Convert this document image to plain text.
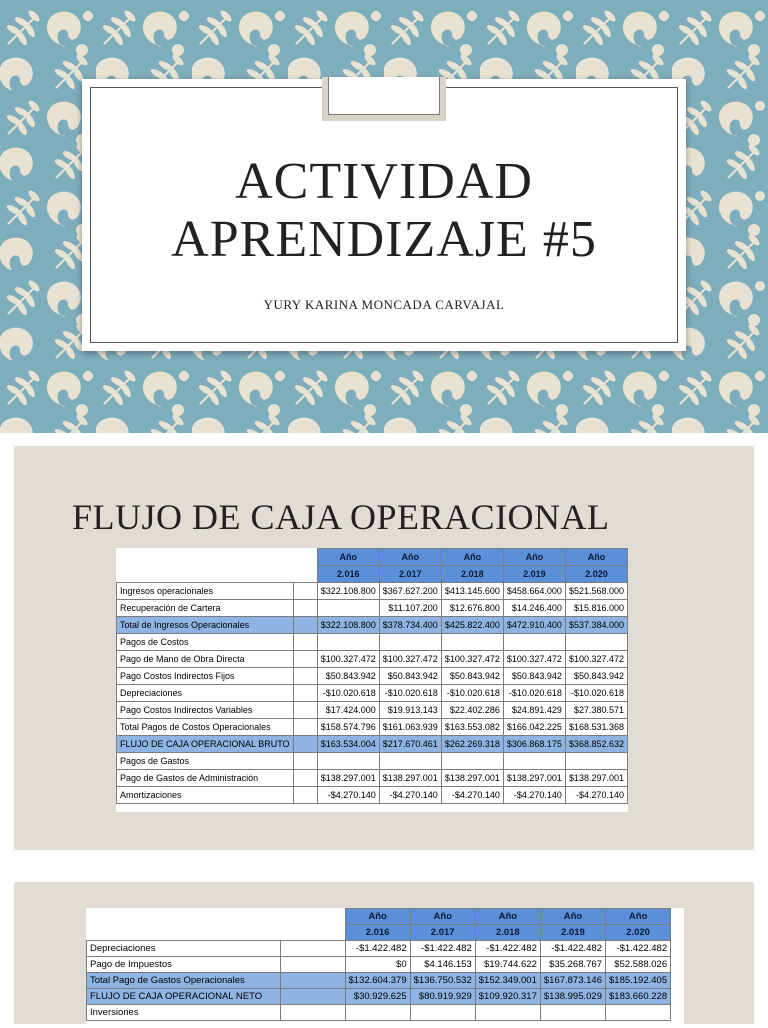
ACTIVIDAD
APRENDIZAJE #5
YURY KARINA MONCADA CARVAJAL
FLUJO DE CAJA OPERACIONAL
		Año	Año	Año	Año	Año
		2.016	2.017	2.018	2.019	2.020
Ingresos operacionales		$322.108.800	$367.627.200	$413.145.600	$458.664.000	$521.568.000
Recuperación de Cartera			$11.107.200	$12.676.800	$14.246.400	$15.816.000
Total de Ingresos Operacionales		$322.108.800	$378.734.400	$425.822.400	$472.910.400	$537.384.000
Pagos de Costos						
Pago de Mano de Obra Directa		$100.327.472	$100.327.472	$100.327.472	$100.327.472	$100.327.472
Pago Costos Indirectos Fijos		$50.843.942	$50.843.942	$50.843.942	$50.843.942	$50.843.942
Depreciaciones		-$10.020.618	-$10.020.618	-$10.020.618	-$10.020.618	-$10.020.618
Pago Costos Indirectos Variables		$17.424.000	$19.913.143	$22.402.286	$24.891.429	$27.380.571
Total Pagos de Costos Operacionales		$158.574.796	$161.063.939	$163.553.082	$166.042.225	$168.531.368
FLUJO DE CAJA OPERACIONAL BRUTO		$163.534.004	$217.670.461	$262.269.318	$306.868.175	$368.852.632
Pagos de Gastos						
Pago de Gastos de Administración		$138.297.001	$138.297.001	$138.297.001	$138.297.001	$138.297.001
Amortizaciones		-$4.270.140	-$4.270.140	-$4.270.140	-$4.270.140	-$4.270.140
		Año	Año	Año	Año	Año
		2.016	2.017	2.018	2.019	2.020
Depreciaciones		-$1.422.482	-$1.422.482	-$1.422.482	-$1.422.482	-$1.422.482
Pago de Impuestos		$0	$4.146.153	$19.744.622	$35.268.767	$52.588.026
Total Pago de Gastos Operacionales		$132.604.379	$136.750.532	$152.349.001	$167.873.146	$185.192.405
FLUJO DE CAJA OPERACIONAL NETO		$30.929.625	$80.919.929	$109.920.317	$138.995.029	$183.660.228
Inversiones						
